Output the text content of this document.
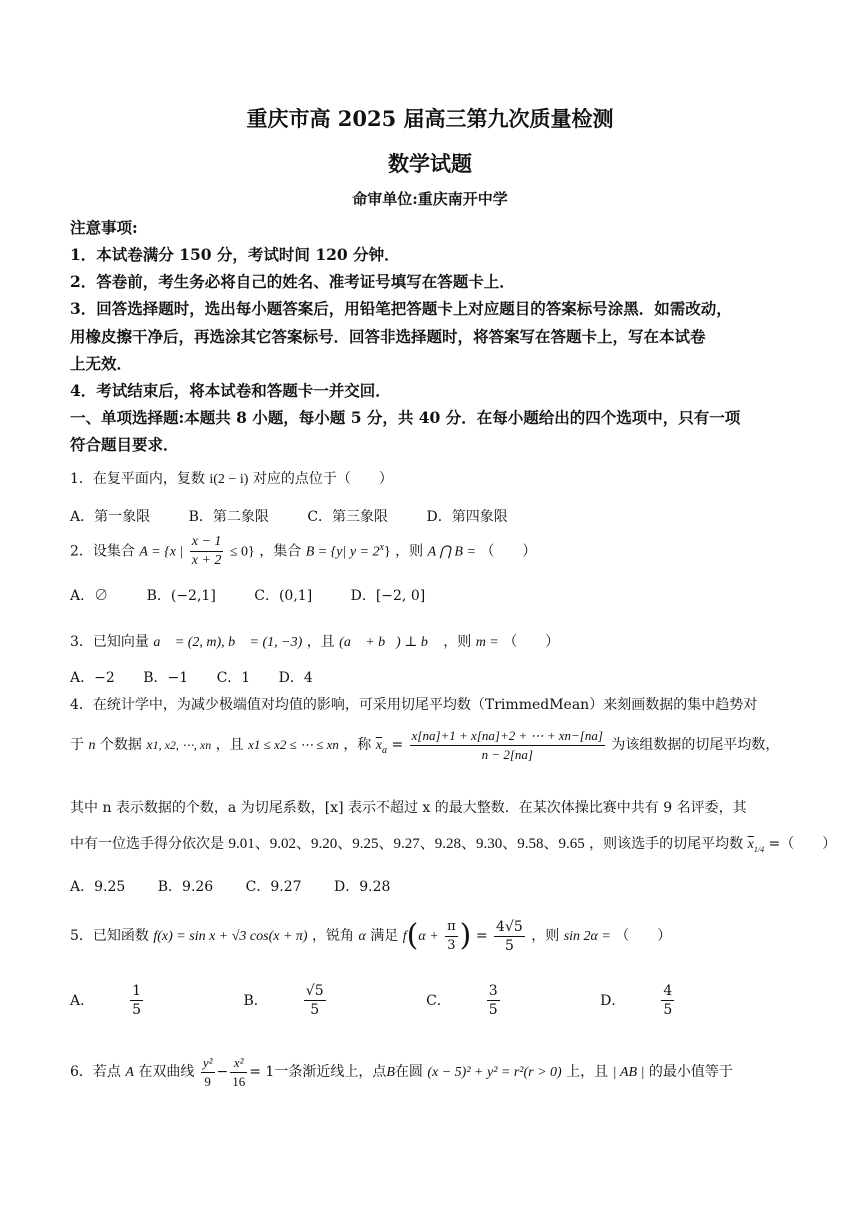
重庆市高 2025 届高三第九次质量检测
数学试题
命审单位:重庆南开中学
注意事项:
1．本试卷满分 150 分，考试时间 120 分钟．
2．答卷前，考生务必将自己的姓名、准考证号填写在答题卡上．
3．回答选择题时，选出每小题答案后，用铅笔把答题卡上对应题目的答案标号涂黑．如需改动，
用橡皮擦干净后，再选涂其它答案标号．回答非选择题时，将答案写在答题卡上，写在本试卷
上无效．
4．考试结束后，将本试卷和答题卡一并交回．
一、单项选择题:本题共 8 小题，每小题 5 分，共 40 分．在每小题给出的四个选项中，只有一项
符合题目要求．
1．在复平面内，复数 i(2 − i) 对应的点位于（　　）
A．第一象限	B．第二象限	C．第三象限	D．第四象限
2．设集合 A = {x | $\frac{x - 1}{x + 2} \le 0$} ，集合 B = {y| $y = 2^x$} ，则 A ⋂ B = （　　）
A．∅	B．(−2,1]	C．(0,1]	D．[−2, 0]
3．已知向量 a⃗ = (2, m), b⃗ = (1, −3) ，且 (a⃗ + b⃗) ⊥ b⃗ ，则 m = （　　）
A．−2 B．−1 C．1 D．4
4．在统计学中，为减少极端值对均值的影响，可采用切尾平均数（TrimmedMean）来刻画数据的集中趋势对
于 n 个数据 x1, x2, ⋯, xn ，且 x1 ≤ x2 ≤ ⋯ ≤ xn ，称 $\overline{x}_a = \frac{x[na]+1 + x[na]+2 + \cdots + xn-[na]}{n - 2[na]}$ 为该组数据的切尾平均数，
其中 n 表示数据的个数，a 为切尾系数，[x] 表示不超过 x 的最大整数．在某次体操比赛中共有 9 名评委，其
中有一位选手得分依次是 9.01、9.02、9.20、9.25、9.27、9.28、9.30、9.58、9.65 ，则该选手的切尾平均数 $\overline{x}_{1/4}$ =（　　）
A．9.25 B．9.26 C．9.27 D．9.28
5．已知函数 f(x) = sin x + √3 cos(x + π) ，锐角 α 满足 $f(\alpha + \frac{\pi}{3}$ ) = $\frac{4√5}{5}$ ，则 sin 2α = （　　）
A．	$\frac{1}{5}$	B．	$\frac{√5}{5}$	C．	$\frac{3}{5}$	D．	$\frac{4}{5}$
6．若点 A 在双曲线 $\frac{\text{y²}}{9} - \frac{\text{x²}}{16} = 1$一条渐近线上，点B在圆 (x − 5)² + y² = r²(r > 0) 上，且 | AB | 的最小值等于
